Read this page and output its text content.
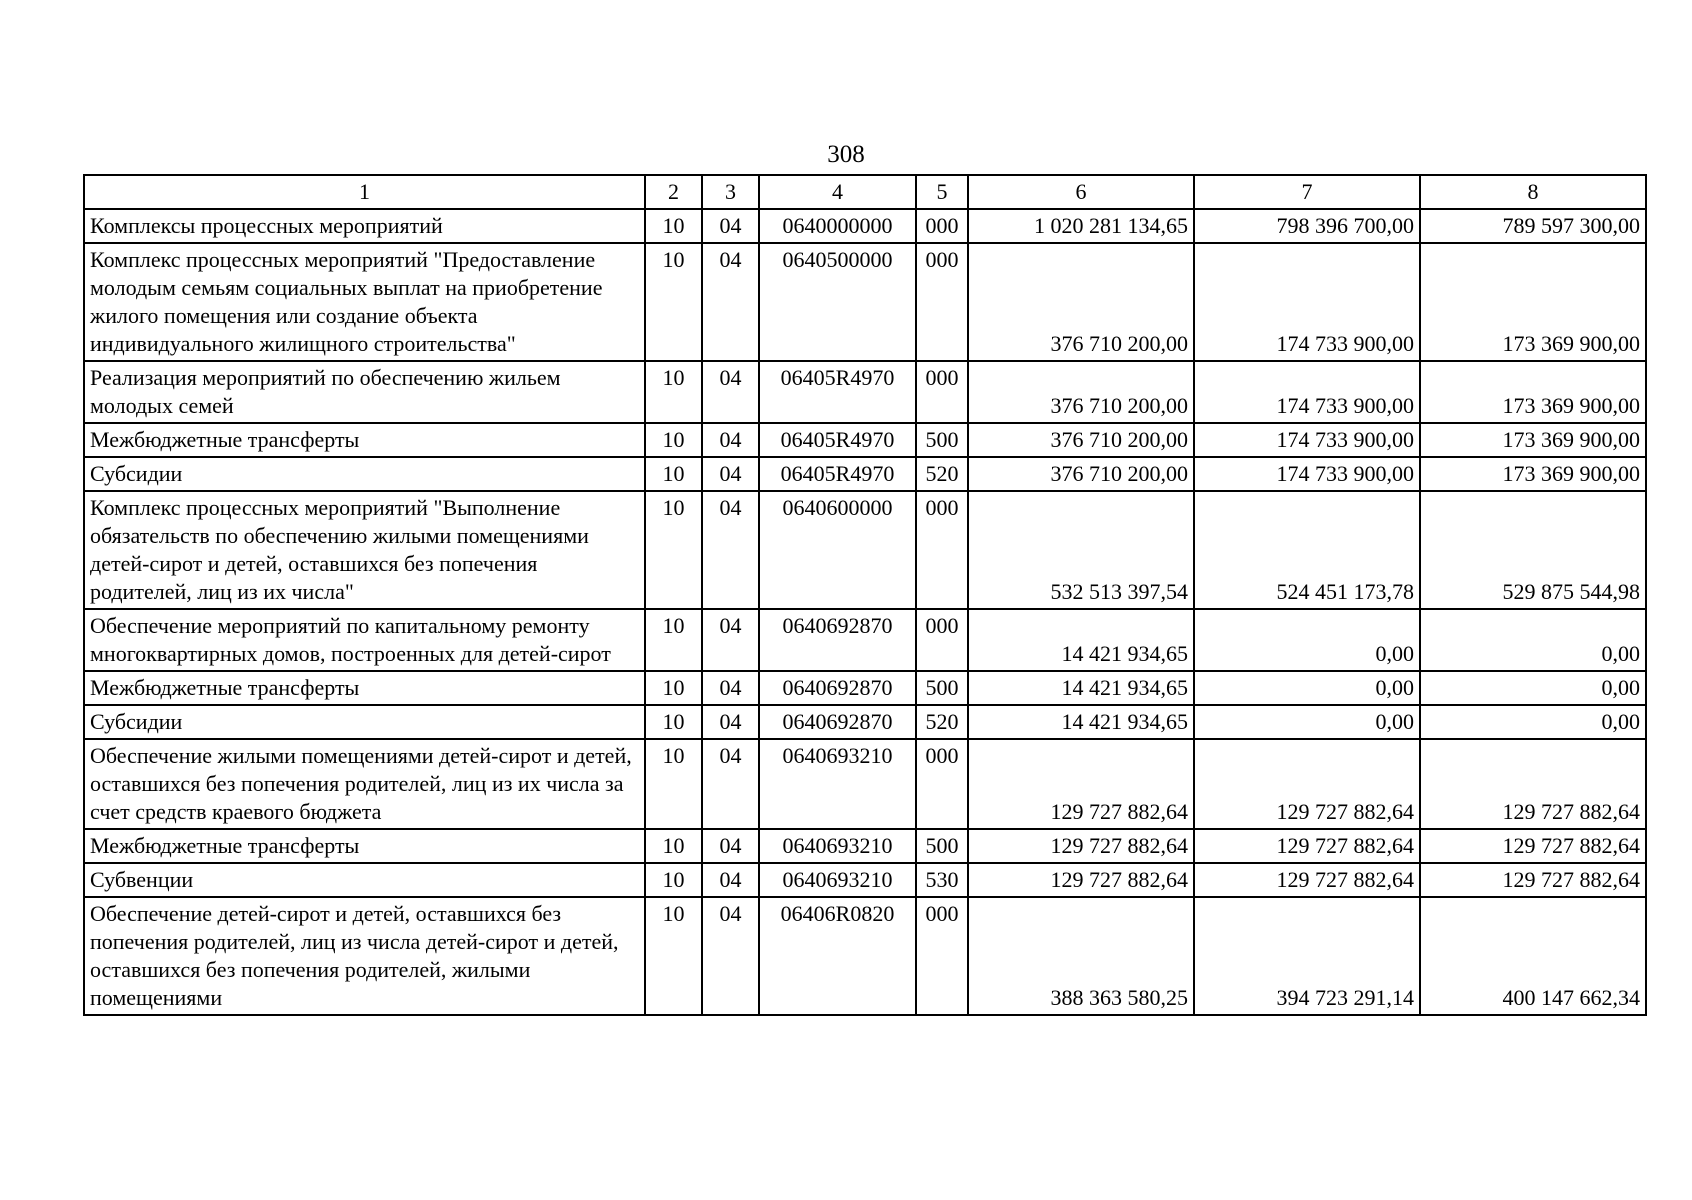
308
1	2	3	4	5	6	7	8
Комплексы процессных мероприятий	10	04	0640000000	000	1 020 281 134,65	798 396 700,00	789 597 300,00
Комплекс процессных мероприятий "Предоставление молодым семьям социальных выплат на приобретение жилого помещения или создание объекта индивидуального жилищного строительства"	10	04	0640500000	000	376 710 200,00	174 733 900,00	173 369 900,00
Реализация мероприятий по обеспечению жильем молодых семей	10	04	06405R4970	000	376 710 200,00	174 733 900,00	173 369 900,00
Межбюджетные трансферты	10	04	06405R4970	500	376 710 200,00	174 733 900,00	173 369 900,00
Субсидии	10	04	06405R4970	520	376 710 200,00	174 733 900,00	173 369 900,00
Комплекс процессных мероприятий "Выполнение обязательств по обеспечению жилыми помещениями детей-сирот и детей, оставшихся без попечения родителей, лиц из их числа"	10	04	0640600000	000	532 513 397,54	524 451 173,78	529 875 544,98
Обеспечение мероприятий по капитальному ремонту многоквартирных домов, построенных для детей-сирот	10	04	0640692870	000	14 421 934,65	0,00	0,00
Межбюджетные трансферты	10	04	0640692870	500	14 421 934,65	0,00	0,00
Субсидии	10	04	0640692870	520	14 421 934,65	0,00	0,00
Обеспечение жилыми помещениями детей-сирот и детей, оставшихся без попечения родителей, лиц из их числа за счет средств краевого бюджета	10	04	0640693210	000	129 727 882,64	129 727 882,64	129 727 882,64
Межбюджетные трансферты	10	04	0640693210	500	129 727 882,64	129 727 882,64	129 727 882,64
Субвенции	10	04	0640693210	530	129 727 882,64	129 727 882,64	129 727 882,64
Обеспечение детей-сирот и детей, оставшихся без попечения родителей, лиц из числа детей-сирот и детей, оставшихся без попечения родителей, жилыми помещениями	10	04	06406R0820	000	388 363 580,25	394 723 291,14	400 147 662,34
